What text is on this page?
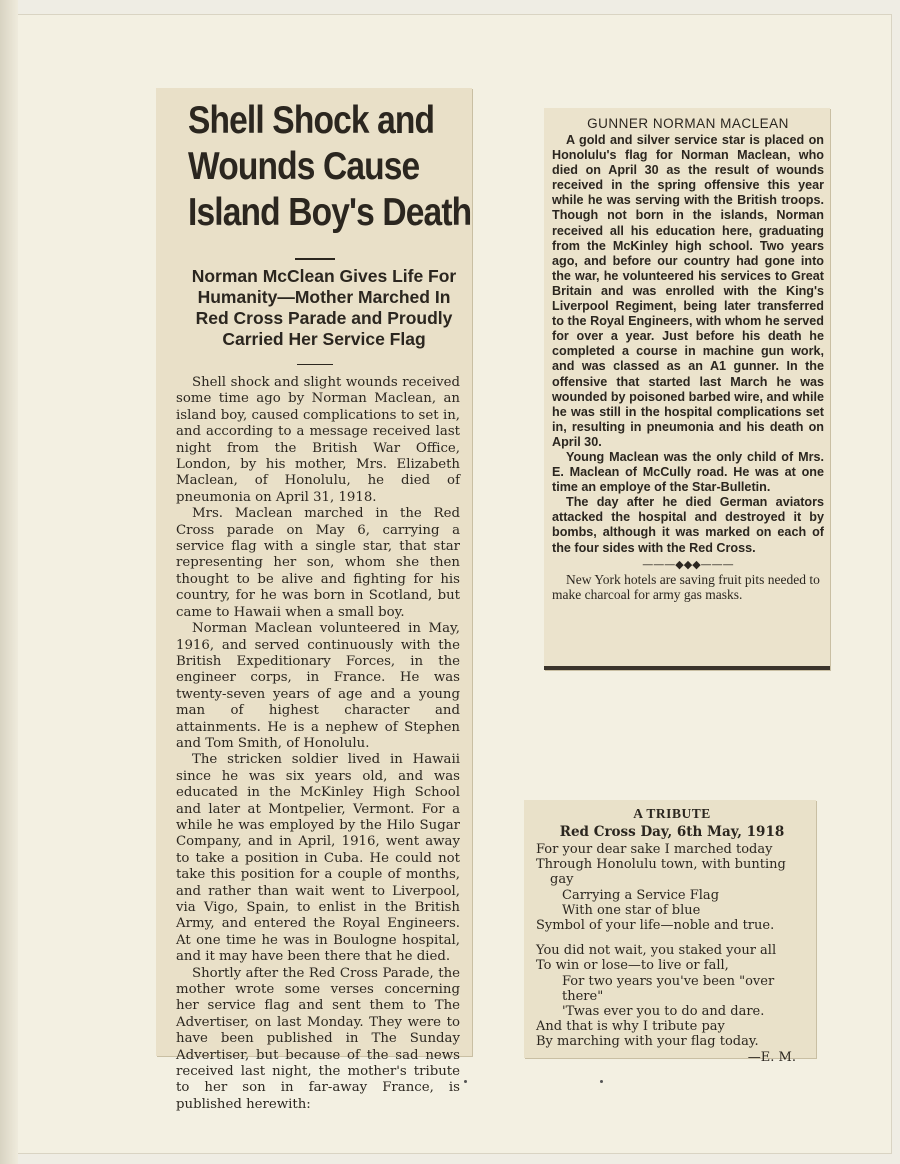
Shell Shock and
Wounds Cause
Island Boy's Death
Norman McClean Gives Life For
Humanity—Mother Marched In
Red Cross Parade and Proudly
Carried Her Service Flag

Shell shock and slight wounds received some time ago by Norman Maclean, an island boy, caused complications to set in, and according to a message received last night from the British War Office, London, by his mother, Mrs. Elizabeth Maclean, of Honolulu, he died of pneumonia on April 31, 1918.

Mrs. Maclean marched in the Red Cross parade on May 6, carrying a service flag with a single star, that star representing her son, whom she then thought to be alive and fighting for his country, for he was born in Scotland, but came to Hawaii when a small boy.

Norman Maclean volunteered in May, 1916, and served continuously with the British Expeditionary Forces, in the engineer corps, in France. He was twenty-seven years of age and a young man of highest character and attainments. He is a nephew of Stephen and Tom Smith, of Honolulu.

The stricken soldier lived in Hawaii since he was six years old, and was educated in the McKinley High School and later at Montpelier, Vermont. For a while he was employed by the Hilo Sugar Company, and in April, 1916, went away to take a position in Cuba. He could not take this position for a couple of months, and rather than wait went to Liverpool, via Vigo, Spain, to enlist in the British Army, and entered the Royal Engineers. At one time he was in Boulogne hospital, and it may have been there that he died.

Shortly after the Red Cross Parade, the mother wrote some verses concerning her service flag and sent them to The Advertiser, on last Monday. They were to have been published in The Sunday Advertiser, but because of the sad news received last night, the mother's tribute to her son in far-away France, is published herewith:

GUNNER NORMAN MACLEAN

A gold and silver service star is placed on Honolulu's flag for Norman Maclean, who died on April 30 as the result of wounds received in the spring offensive this year while he was serving with the British troops. Though not born in the islands, Norman received all his education here, graduating from the McKinley high school. Two years ago, and before our country had gone into the war, he volunteered his services to Great Britain and was enrolled with the King's Liverpool Regiment, being later transferred to the Royal Engineers, with whom he served for over a year. Just before his death he completed a course in machine gun work, and was classed as an A1 gunner. In the offensive that started last March he was wounded by poisoned barbed wire, and while he was still in the hospital complications set in, resulting in pneumonia and his death on April 30.

Young Maclean was the only child of Mrs. E. Maclean of McCully road. He was at one time an employe of the Star-Bulletin.

The day after he died German aviators attacked the hospital and destroyed it by bombs, although it was marked on each of the four sides with the Red Cross.

———◆◆◆———

New York hotels are saving fruit pits needed to make charcoal for army gas masks.

A TRIBUTE
Red Cross Day, 6th May, 1918
For your dear sake I marched today
Through Honolulu town, with bunting
gay
Carrying a Service Flag
With one star of blue
Symbol of your life—noble and true.
You did not wait, you staked your all
To win or lose—to live or fall,
For two years you've been "over
there"
'Twas ever you to do and dare.
And that is why I tribute pay
By marching with your flag today.
—E. M.
